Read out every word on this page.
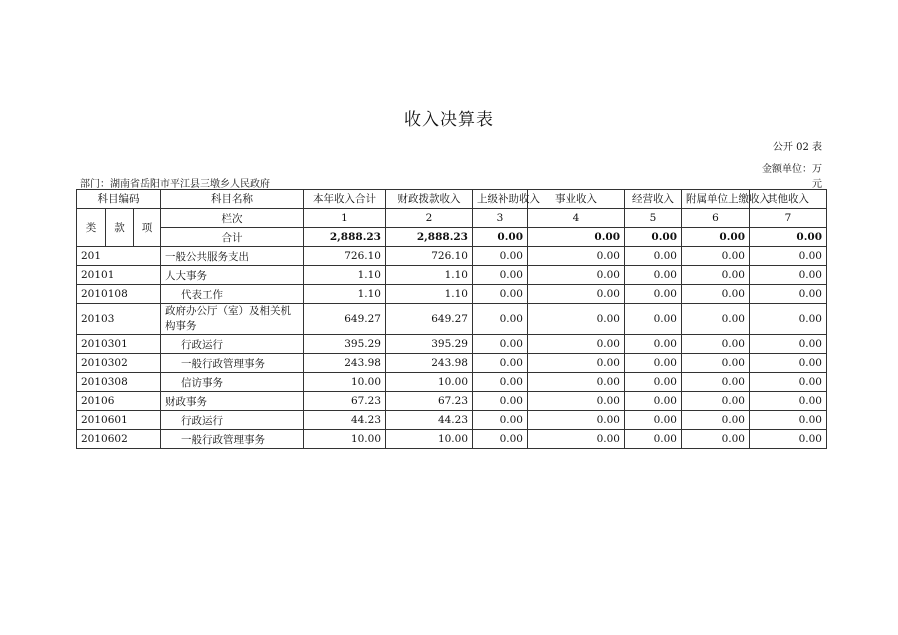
收入决算表
公开 02 表
金额单位：万
元
部门：湖南省岳阳市平江县三墩乡人民政府
科目编码			科目名称	本年收入合计	财政拨款收入	上级补助收入	事业收入	经营收入	附属单位上缴收入	其他收入
类	款	项	栏次	1	2	3	4	5	6	7
			合计	2,888.23	2,888.23	0.00	0.00	0.00	0.00	0.00
201			一般公共服务支出	726.10	726.10	0.00	0.00	0.00	0.00	0.00
20101			人大事务	1.10	1.10	0.00	0.00	0.00	0.00	0.00
2010108			代表工作	1.10	1.10	0.00	0.00	0.00	0.00	0.00
20103			政府办公厅（室）及相关机构事务	649.27	649.27	0.00	0.00	0.00	0.00	0.00
2010301			行政运行	395.29	395.29	0.00	0.00	0.00	0.00	0.00
2010302			一般行政管理事务	243.98	243.98	0.00	0.00	0.00	0.00	0.00
2010308			信访事务	10.00	10.00	0.00	0.00	0.00	0.00	0.00
20106			财政事务	67.23	67.23	0.00	0.00	0.00	0.00	0.00
2010601			行政运行	44.23	44.23	0.00	0.00	0.00	0.00	0.00
2010602			一般行政管理事务	10.00	10.00	0.00	0.00	0.00	0.00	0.00
